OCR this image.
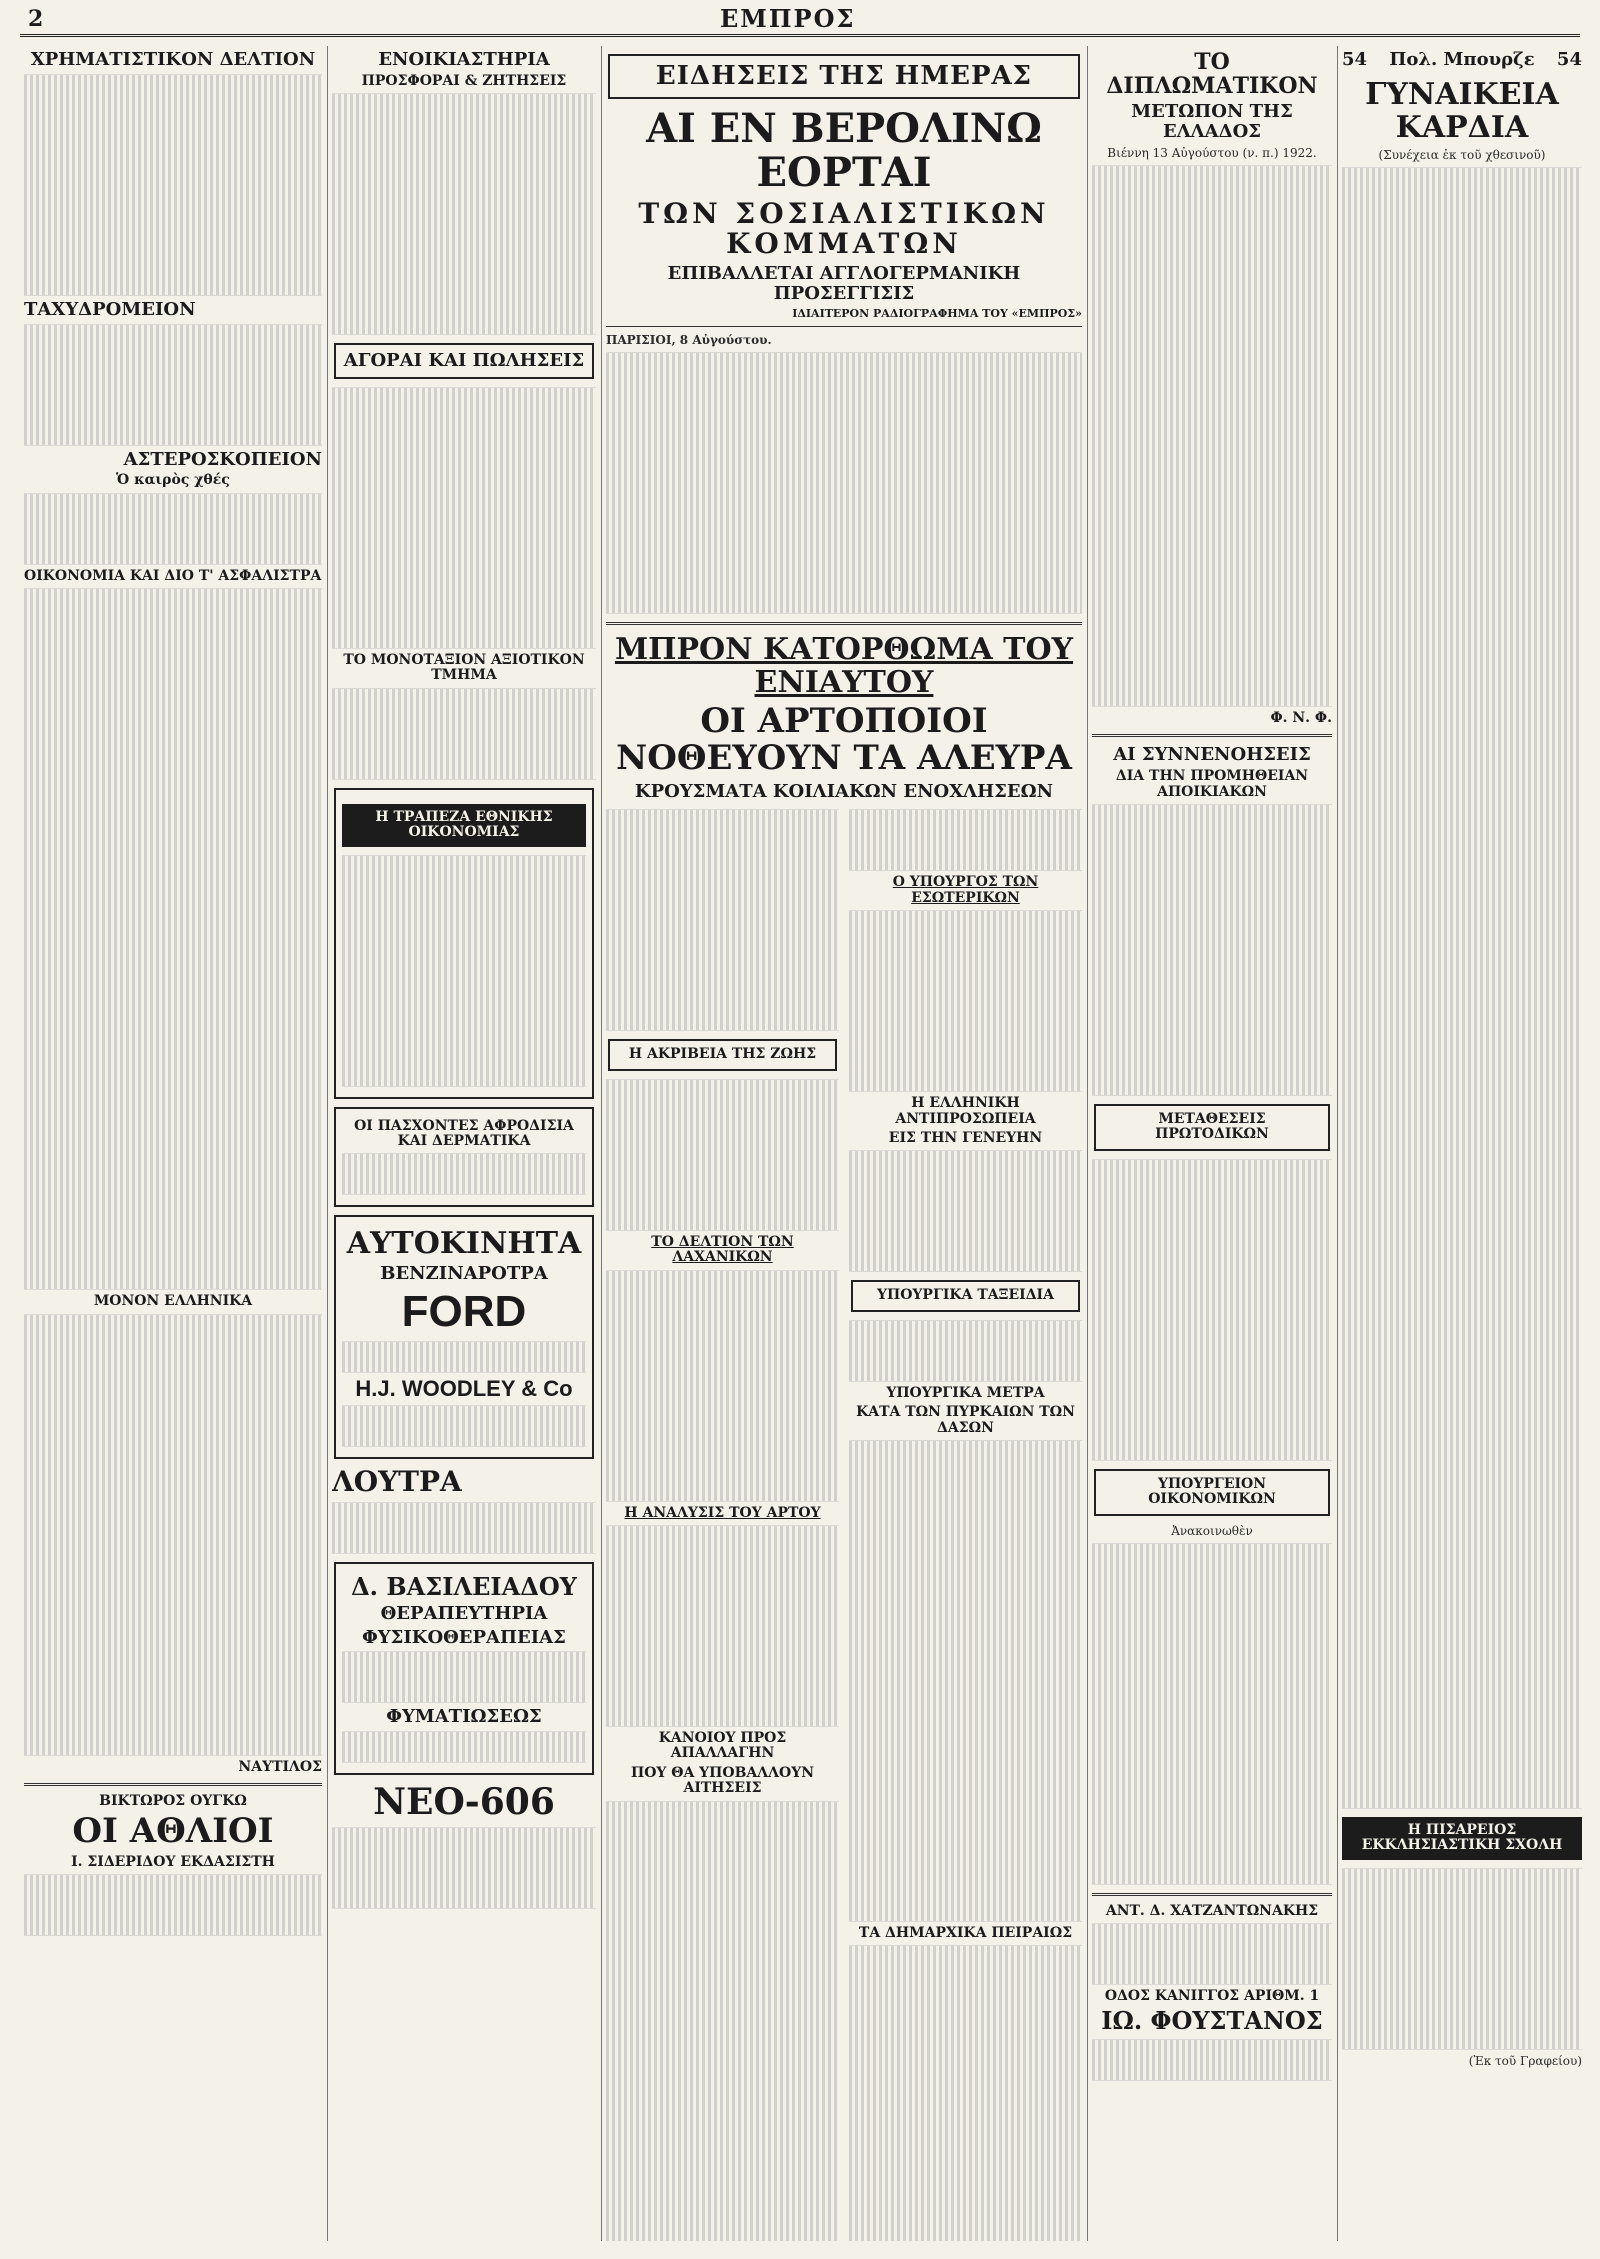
2	ΕΜΠΡΟΣ
ΧΡΗΜΑΤΙΣΤΙΚΟΝ ΔΕΛΤΙΟΝ
ΤΑΧΥΔΡΟΜΕΙΟΝ
ΑΣΤΕΡΟΣΚΟΠΕΙΟΝ
Ὁ καιρὸς χθές
ΟΙΚΟΝΟΜΙΑ ΚΑΙ ΔΙΟ Τ' ΑΣΦΑΛΙΣΤΡΑ
ΜΟΝΟΝ ΕΛΛΗΝΙΚΑ
ΝΑΥΤΙΛΟΣ
ΒΙΚΤΩΡΟΣ ΟΥΓΚΩ
ΟΙ ΑΘΛΙΟΙ
I. ΣΙΔΕΡΙΔΟΥ ΕΚΔΑΣΙΣΤΗ
ΕΝΟΙΚΙΑΣΤΗΡΙΑ
ΠΡΟΣΦΟΡΑΙ & ΖΗΤΗΣΕΙΣ
ΑΓΟΡΑΙ ΚΑΙ ΠΩΛΗΣΕΙΣ
ΤΟ ΜΟΝΟΤΑΞΙΟΝ ΑΞΙΟΤΙΚΟΝ ΤΜΗΜΑ
Η ΤΡΑΠΕΖΑ ΕΘΝΙΚΗΣ ΟΙΚΟΝΟΜΙΑΣ
ΟΙ ΠΑΣΧΟΝΤΕΣ ΑΦΡΟΔΙΣΙΑ ΚΑΙ ΔΕΡΜΑΤΙΚΑ
ΑΥΤΟΚΙΝΗΤΑ
ΒΕΝΖΙΝΑΡΟΤΡΑ
FORD
H.J. WOODLEY & Co
ΛΟΥΤΡΑ
Δ. ΒΑΣΙΛΕΙΑΔΟΥ
ΘΕΡΑΠΕΥΤΗΡΙΑ
ΦΥΣΙΚΟΘΕΡΑΠΕΙΑΣ
ΦΥΜΑΤΙΩΣΕΩΣ
ΝΕΟ-606
ΕΙΔΗΣΕΙΣ ΤΗΣ ΗΜΕΡΑΣ
ΑΙ ΕΝ ΒΕΡΟΛΙΝΩ ΕΟΡΤΑΙ
ΤΩΝ ΣΟΣΙΑΛΙΣΤΙΚΩΝ ΚΟΜΜΑΤΩΝ
ΕΠΙΒΑΛΛΕΤΑΙ ΑΓΓΛΟΓΕΡΜΑΝΙΚΗ ΠΡΟΣΕΓΓΙΣΙΣ
ΙΔΙΑΙΤΕΡΟΝ ΡΑΔΙΟΓΡΑΦΗΜΑ ΤΟΥ «ΕΜΠΡΟΣ»
ΠΑΡΙΣΙΟΙ, 8 Αὐγούστου.
ΜΠΡΟΝ ΚΑΤΟΡΘΩΜΑ ΤΟΥ ΕΝΙΑΥΤΟΥ
ΟΙ ΑΡΤΟΠΟΙΟΙ ΝΟΘΕΥΟΥΝ ΤΑ ΑΛΕΥΡΑ
ΚΡΟΥΣΜΑΤΑ ΚΟΙΛΙΑΚΩΝ ΕΝΟΧΛΗΣΕΩΝ
Η ΑΚΡΙΒΕΙΑ ΤΗΣ ΖΩΗΣ
ΤΟ ΔΕΛΤΙΟΝ ΤΩΝ ΛΑΧΑΝΙΚΩΝ
Η ΑΝΑΛΥΣΙΣ ΤΟΥ ΑΡΤΟΥ
ΚΑΝΟΙΟΥ ΠΡΟΣ ΑΠΑΛΛΑΓΗΝ
ΠΟΥ ΘΑ ΥΠΟΒΑΛΛΟΥΝ ΑΙΤΗΣΕΙΣ
Ο ΥΠΟΥΡΓΟΣ ΤΩΝ ΕΣΩΤΕΡΙΚΩΝ
Η ΕΛΛΗΝΙΚΗ ΑΝΤΙΠΡΟΣΩΠΕΙΑ
ΕΙΣ ΤΗΝ ΓΕΝΕΥΗΝ
ΥΠΟΥΡΓΙΚΑ ΤΑΞΕΙΔΙΑ
ΥΠΟΥΡΓΙΚΑ ΜΕΤΡΑ
ΚΑΤΑ ΤΩΝ ΠΥΡΚΑΙΩΝ ΤΩΝ ΔΑΣΩΝ
ΤΑ ΔΗΜΑΡΧΙΚΑ ΠΕΙΡΑΙΩΣ
ΤΟ ΔΙΠΛΩΜΑΤΙΚΟΝ
ΜΕΤΩΠΟΝ ΤΗΣ ΕΛΛΑΔΟΣ
Βιέννη 13 Αὐγούστου (ν. π.) 1922.
Φ. Ν. Φ.
ΑΙ ΣΥΝΝΕΝΟΗΣΕΙΣ
ΔΙΑ ΤΗΝ ΠΡΟΜΗΘΕΙΑΝ ΑΠΟΙΚΙΑΚΩΝ
ΜΕΤΑΘΕΣΕΙΣ ΠΡΩΤΟΔΙΚΩΝ
ΥΠΟΥΡΓΕΙΟΝ ΟΙΚΟΝΟΜΙΚΩΝ
Ἀνακοινωθὲν
ΑΝΤ. Δ. ΧΑΤΖΑΝΤΩΝΑΚΗΣ
ΟΔΟΣ ΚΑΝΙΓΓΟΣ ΑΡΙΘΜ. 1
ΙΩ. ΦΟΥΣΤΑΝΟΣ
54 Πολ. Μπουρζε 54
ΓΥΝΑΙΚΕΙΑ ΚΑΡΔΙΑ
(Συνέχεια ἐκ τοῦ χθεσινοῦ)
Η ΠΙΣΑΡΕΙΟΣ ΕΚΚΛΗΣΙΑΣΤΙΚΗ ΣΧΟΛΗ
(Ἐκ τοῦ Γραφείου)
